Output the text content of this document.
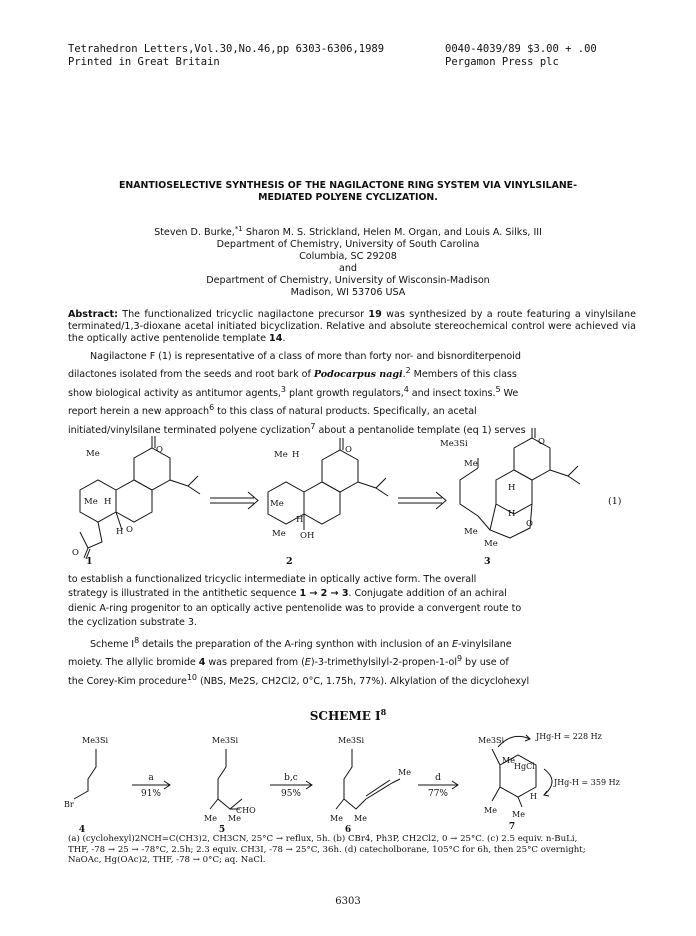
Tetrahedron Letters,Vol.30,No.46,pp 6303-6306,1989
Printed in Great Britain
0040-4039/89 $3.00 + .00
Pergamon Press plc
ENANTIOSELECTIVE SYNTHESIS OF THE NAGILACTONE RING SYSTEM VIA VINYLSILANE-
MEDIATED POLYENE CYCLIZATION.
Steven D. Burke,$^{*1}$ Sharon M. S. Strickland, Helen M. Organ, and Louis A. Silks, III
Department of Chemistry, University of South Carolina
Columbia, SC 29208
and
Department of Chemistry, University of Wisconsin-Madison
Madison, WI 53706 USA
Abstract: The functionalized tricyclic nagilactone precursor 19 was synthesized by a route featuring a vinylsilane terminated/1,3-dioxane acetal initiated bicyclization. Relative and absolute stereochemical control were achieved via the optically active pentenolide template 14.
Nagilactone F (1) is representative of a class of more than forty nor- and bisnorditerpenoid
dilactones isolated from the seeds and root bark of Podocarpus nagi.$^2$ Members of this class
show biological activity as antitumor agents,$^3$ plant growth regulators,$^4$ and insect toxins.$^5$ We
report herein a new approach$^6$ to this class of natural products. Specifically, an acetal
initiated/vinylsilane terminated polyene cyclization$^7$ about a pentanolide template (eq 1) serves
Me	O
Me H
H O
O
Me H	O
Me
H
Me OH
Me3Si
Me
O
H
H
Me
Me
O
(1)
1	2	3
to establish a functionalized tricyclic intermediate in optically active form. The overall
strategy is illustrated in the antithetic sequence 1 → 2 → 3. Conjugate addition of an achiral
dienic A-ring progenitor to an optically active pentenolide was to provide a convergent route to
the cyclization substrate 3.
Scheme $I^8$ details the preparation of the A-ring synthon with inclusion of an E-vinylsilane
moiety. The allylic bromide 4 was prepared from $(E)-3-trimethylsilyl-2-propen-1-ol^9$ by use of
the Corey-Kim procedure$^{10}$ (NBS, Me2S, CH2Cl2, 0°C, 1.75h, 77%). Alkylation of the dicyclohexyl
SCHEME $I^8$
Me3Si
Br
Me3Si
CHO
Me Me
Me3Si
Me
Me Me
Me3Si
Me
HgCl
H
Me Me
JHg-H = 228 Hz
JHg-H = 359 Hz
a
91%
b,c
95%
d
77%
4	5	6	7
(a) (cyclohexyl)2NCH=C(CH3)2, CH3CN, 25°C → reflux, 5h. (b) CBr4, Ph3P, CH2Cl2, 0 → 25°C. (c) 2.5 equiv. n-BuLi,
THF, -78 → 25 → -78°C, 2.5h; 2.3 equiv. CH3I, -78 → 25°C, 36h. (d) catecholborane, 105°C for 6h, then 25°C overnight;
NaOAc, Hg(OAc)2, THF, -78 → 0°C; aq. NaCl.
6303
